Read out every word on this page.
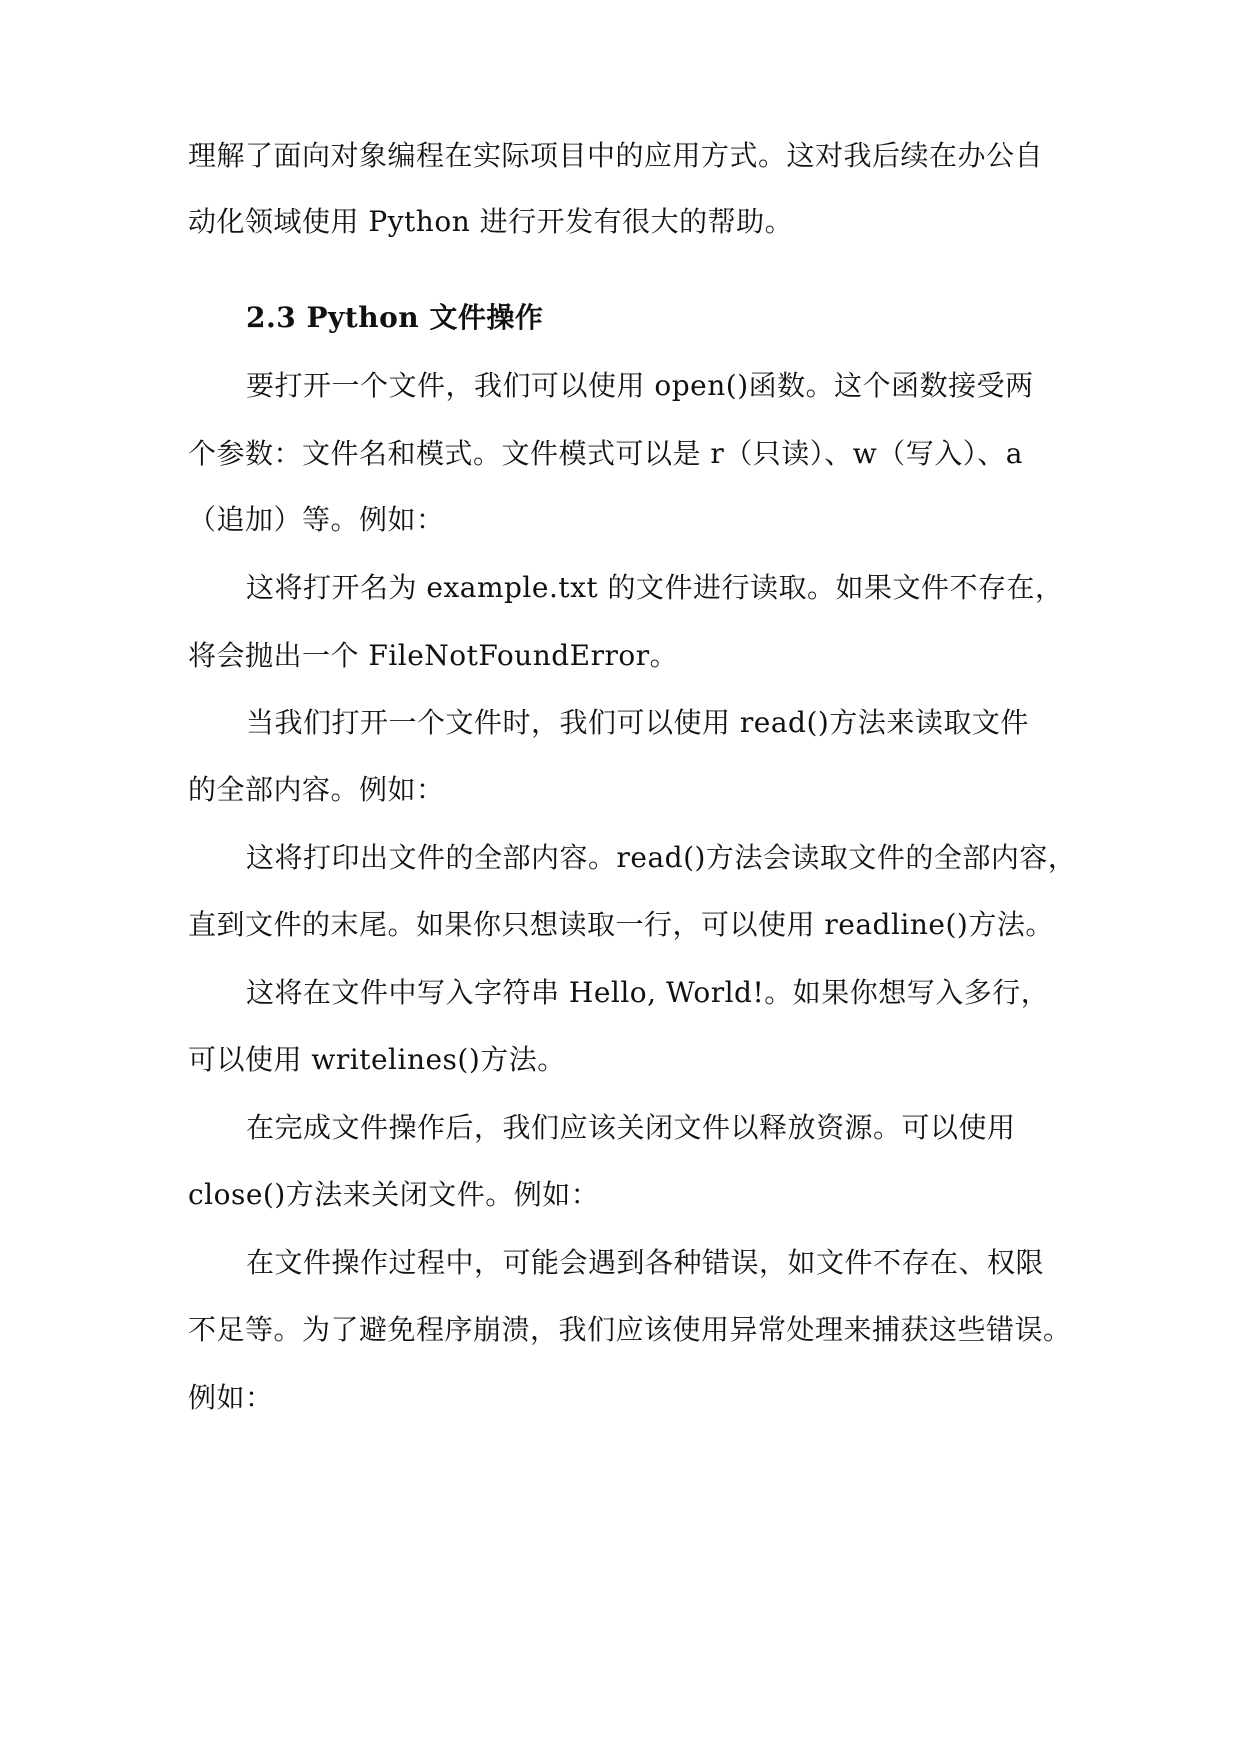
理解了面向对象编程在实际项目中的应用方式。这对我后续在办公自
动化领域使用 Python 进行开发有很大的帮助。
2.3 Python 文件操作
要打开一个文件，我们可以使用 open()函数。这个函数接受两
个参数：文件名和模式。文件模式可以是 r（只读）、w（写入）、a
（追加）等。例如：
这将打开名为 example.txt 的文件进行读取。如果文件不存在，
将会抛出一个 FileNotFoundError。
当我们打开一个文件时，我们可以使用 read()方法来读取文件
的全部内容。例如：
这将打印出文件的全部内容。read()方法会读取文件的全部内容，
直到文件的末尾。如果你只想读取一行，可以使用 readline()方法。
这将在文件中写入字符串 Hello, World!。如果你想写入多行，
可以使用 writelines()方法。
在完成文件操作后，我们应该关闭文件以释放资源。可以使用
close()方法来关闭文件。例如：
在文件操作过程中，可能会遇到各种错误，如文件不存在、权限
不足等。为了避免程序崩溃，我们应该使用异常处理来捕获这些错误。
例如：
